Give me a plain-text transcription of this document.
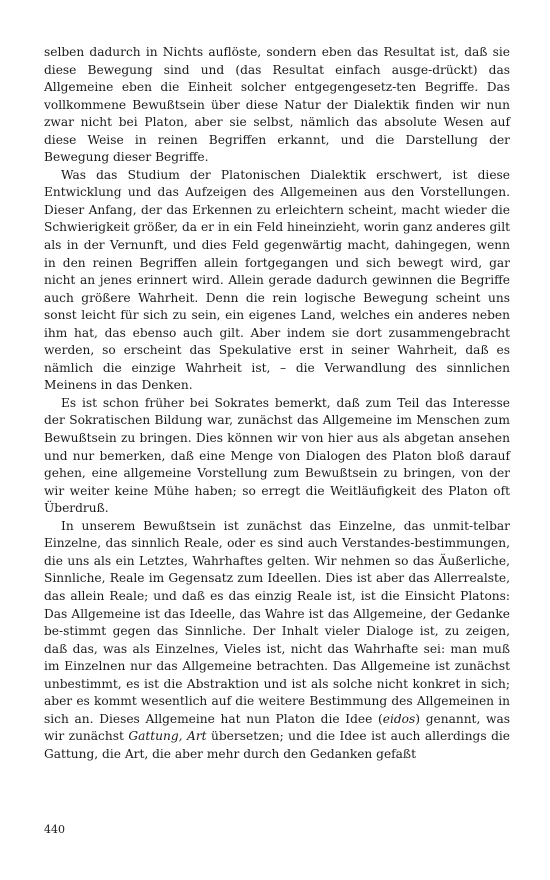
selben dadurch in Nichts auflöste, sondern eben das Resultat ist, daß sie diese Bewegung sind und (das Resultat einfach ausge-drückt) das Allgemeine eben die Einheit solcher entgegengesetz-ten Begriffe. Das vollkommene Bewußtsein über diese Natur der Dialektik finden wir nun zwar nicht bei Platon, aber sie selbst, nämlich das absolute Wesen auf diese Weise in reinen Begriffen erkannt, und die Darstellung der Bewegung dieser Begriffe.

Was das Studium der Platonischen Dialektik erschwert, ist diese Entwicklung und das Aufzeigen des Allgemeinen aus den Vorstellungen. Dieser Anfang, der das Erkennen zu erleichtern scheint, macht wieder die Schwierigkeit größer, da er in ein Feld hineinzieht, worin ganz anderes gilt als in der Vernunft, und dies Feld gegenwärtig macht, dahingegen, wenn in den reinen Begriffen allein fortgegangen und sich bewegt wird, gar nicht an jenes erinnert wird. Allein gerade dadurch gewinnen die Begriffe auch größere Wahrheit. Denn die rein logische Bewegung scheint uns sonst leicht für sich zu sein, ein eigenes Land, welches ein anderes neben ihm hat, das ebenso auch gilt. Aber indem sie dort zusammengebracht werden, so erscheint das Spekulative erst in seiner Wahrheit, daß es nämlich die einzige Wahrheit ist, – die Verwandlung des sinnlichen Meinens in das Denken.

Es ist schon früher bei Sokrates bemerkt, daß zum Teil das Interesse der Sokratischen Bildung war, zunächst das Allgemeine im Menschen zum Bewußtsein zu bringen. Dies können wir von hier aus als abgetan ansehen und nur bemerken, daß eine Menge von Dialogen des Platon bloß darauf gehen, eine allgemeine Vorstellung zum Bewußtsein zu bringen, von der wir weiter keine Mühe haben; so erregt die Weitläufigkeit des Platon oft Überdruß.

In unserem Bewußtsein ist zunächst das Einzelne, das unmit-telbar Einzelne, das sinnlich Reale, oder es sind auch Verstandes-bestimmungen, die uns als ein Letztes, Wahrhaftes gelten. Wir nehmen so das Äußerliche, Sinnliche, Reale im Gegensatz zum Ideellen. Dies ist aber das Allerrealste, das allein Reale; und daß es das einzig Reale ist, ist die Einsicht Platons: Das Allgemeine ist das Ideelle, das Wahre ist das Allgemeine, der Gedanke be-stimmt gegen das Sinnliche. Der Inhalt vieler Dialoge ist, zu zeigen, daß das, was als Einzelnes, Vieles ist, nicht das Wahrhafte sei: man muß im Einzelnen nur das Allgemeine betrachten. Das Allgemeine ist zunächst unbestimmt, es ist die Abstraktion und ist als solche nicht konkret in sich; aber es kommt wesentlich auf die weitere Bestimmung des Allgemeinen in sich an. Dieses Allgemeine hat nun Platon die Idee (eidos) genannt, was wir zunächst Gattung, Art übersetzen; und die Idee ist auch allerdings die Gattung, die Art, die aber mehr durch den Gedanken gefaßt

440
